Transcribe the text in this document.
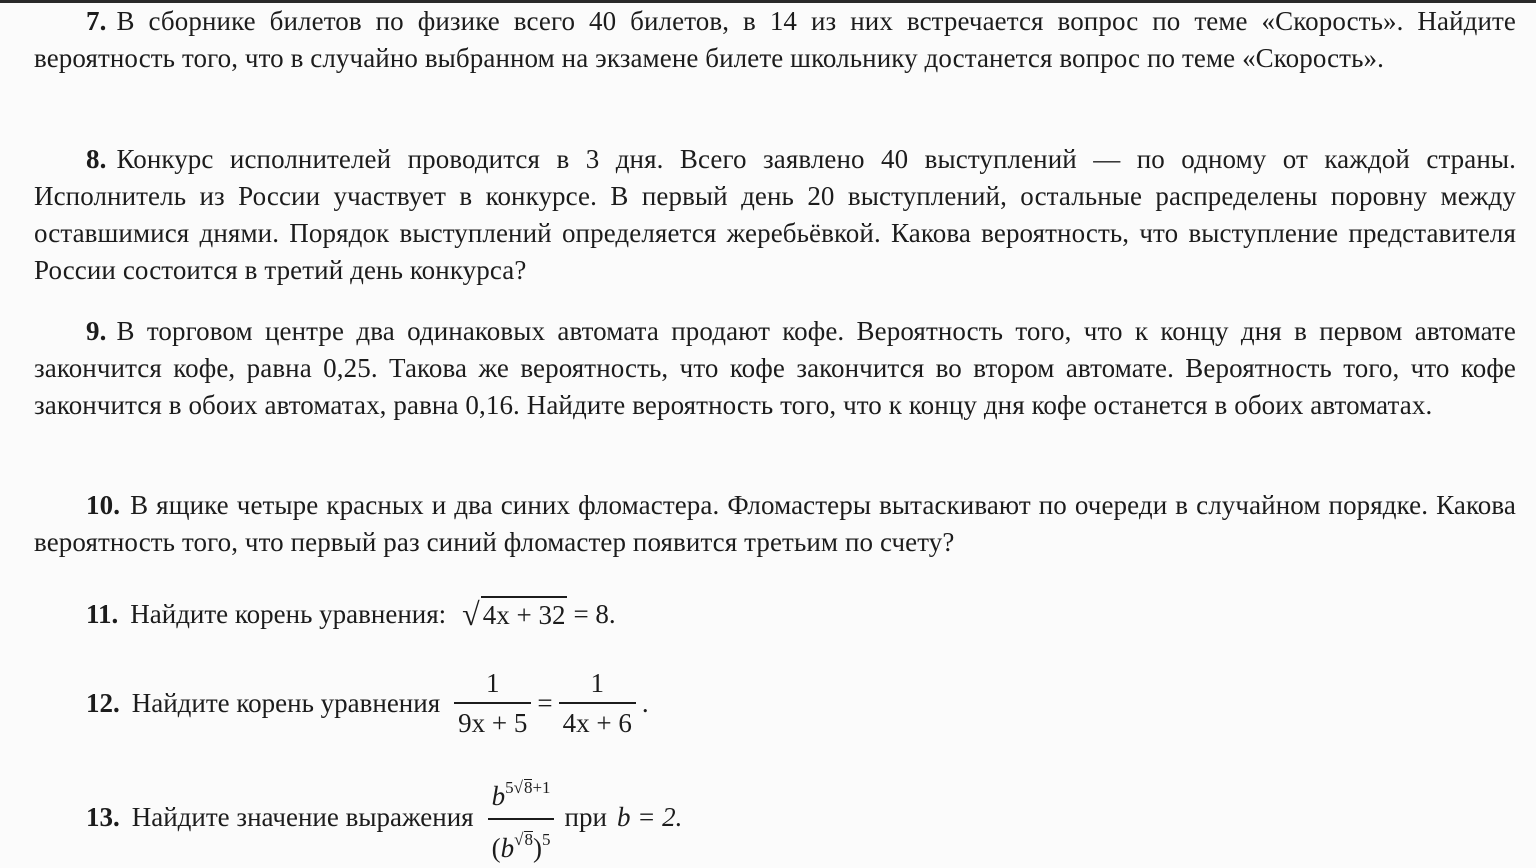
7. В сборнике билетов по физике всего 40 билетов, в 14 из них встречается вопрос по теме «Скорость». Найдите вероятность того, что в случайно выбранном на экзамене билете школьнику достанется вопрос по теме «Скорость».
8. Конкурс исполнителей проводится в 3 дня. Всего заявлено 40 выступлений — по одному от каждой страны. Исполнитель из России участвует в конкурсе. В первый день 20 выступлений, остальные распределены поровну между оставшимися днями. Порядок выступлений определяется жеребьёвкой. Какова вероятность, что выступление представителя России состоится в третий день конкурса?
9. В торговом центре два одинаковых автомата продают кофе. Вероятность того, что к концу дня в первом автомате закончится кофе, равна 0,25. Такова же вероятность, что кофе закончится во втором автомате. Вероятность того, что кофе закончится в обоих автоматах, равна 0,16. Найдите вероятность того, что к концу дня кофе останется в обоих автоматах.
10. В ящике четыре красных и два синих фломастера. Фломастеры вытаскивают по очереди в случайном порядке. Какова вероятность того, что первый раз синий фломастер появится третьим по счету?
11. Найдите корень уравнения: √ 4x + 32 = 8.
12. Найдите корень уравнения $\frac{1}{9x + 5} = \frac{1}{4x + 6}$ .
13. Найдите значение выражения $\frac{b^{5√8+1}}{(b^{√8})^5}$ при b = 2.
